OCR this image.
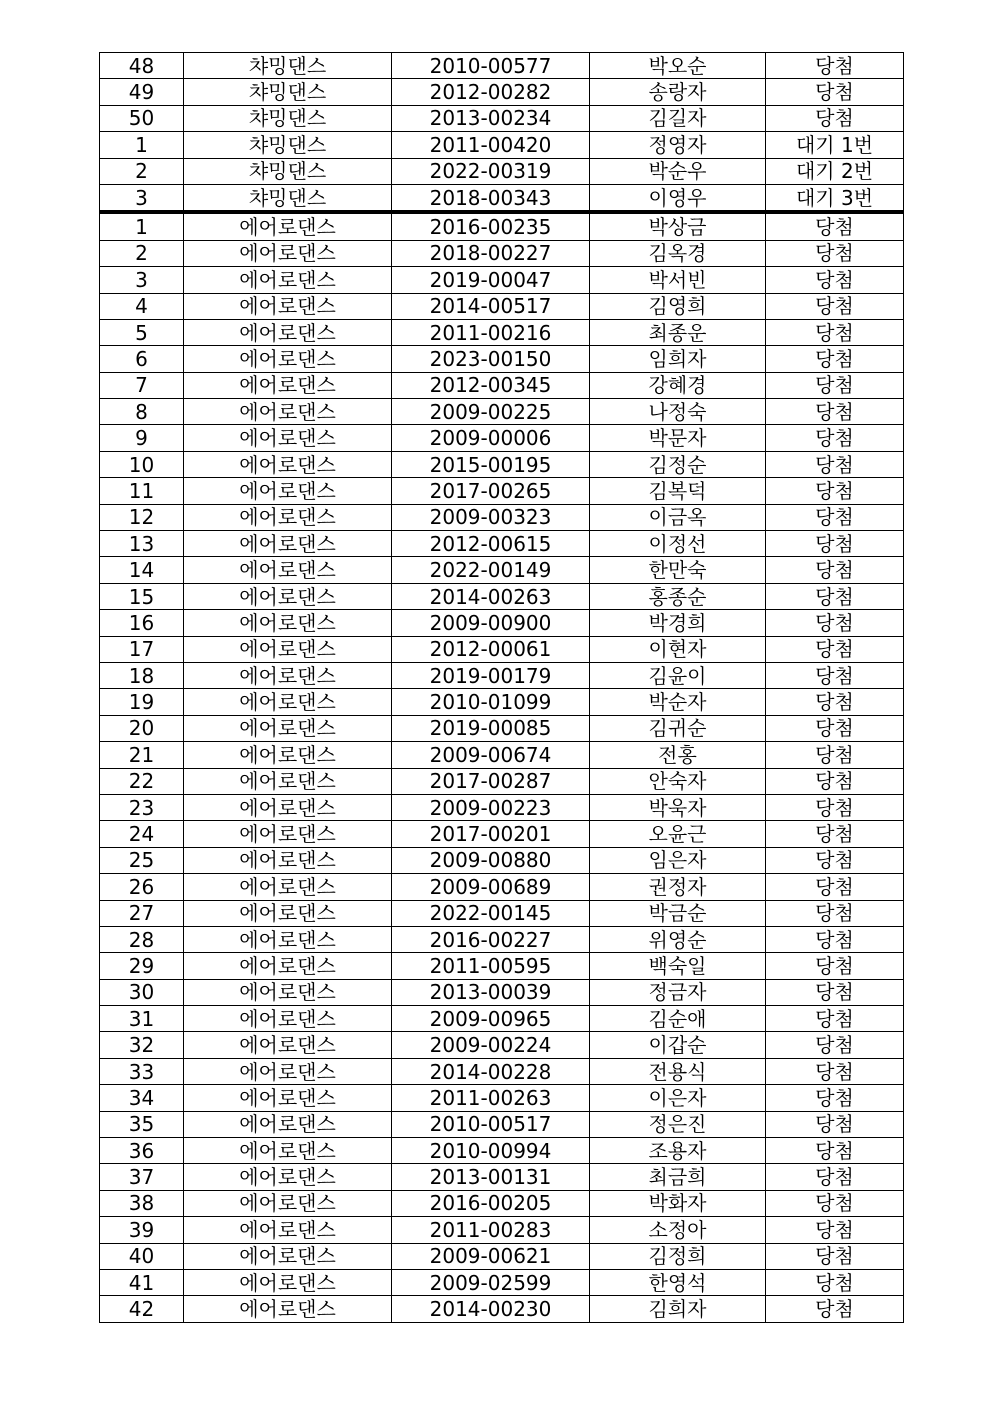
48	챠밍댄스	2010-00577	박오순	당첨
49	챠밍댄스	2012-00282	송랑자	당첨
50	챠밍댄스	2013-00234	김길자	당첨
1	챠밍댄스	2011-00420	정영자	대기 1번
2	챠밍댄스	2022-00319	박순우	대기 2번
3	챠밍댄스	2018-00343	이영우	대기 3번
1	에어로댄스	2016-00235	박상금	당첨
2	에어로댄스	2018-00227	김옥경	당첨
3	에어로댄스	2019-00047	박서빈	당첨
4	에어로댄스	2014-00517	김영희	당첨
5	에어로댄스	2011-00216	최종운	당첨
6	에어로댄스	2023-00150	임희자	당첨
7	에어로댄스	2012-00345	강혜경	당첨
8	에어로댄스	2009-00225	나정숙	당첨
9	에어로댄스	2009-00006	박문자	당첨
10	에어로댄스	2015-00195	김정순	당첨
11	에어로댄스	2017-00265	김복덕	당첨
12	에어로댄스	2009-00323	이금옥	당첨
13	에어로댄스	2012-00615	이정선	당첨
14	에어로댄스	2022-00149	한만숙	당첨
15	에어로댄스	2014-00263	홍종순	당첨
16	에어로댄스	2009-00900	박경희	당첨
17	에어로댄스	2012-00061	이현자	당첨
18	에어로댄스	2019-00179	김윤이	당첨
19	에어로댄스	2010-01099	박순자	당첨
20	에어로댄스	2019-00085	김귀순	당첨
21	에어로댄스	2009-00674	전홍	당첨
22	에어로댄스	2017-00287	안숙자	당첨
23	에어로댄스	2009-00223	박욱자	당첨
24	에어로댄스	2017-00201	오윤근	당첨
25	에어로댄스	2009-00880	임은자	당첨
26	에어로댄스	2009-00689	권정자	당첨
27	에어로댄스	2022-00145	박금순	당첨
28	에어로댄스	2016-00227	위영순	당첨
29	에어로댄스	2011-00595	백숙일	당첨
30	에어로댄스	2013-00039	정금자	당첨
31	에어로댄스	2009-00965	김순애	당첨
32	에어로댄스	2009-00224	이갑순	당첨
33	에어로댄스	2014-00228	전용식	당첨
34	에어로댄스	2011-00263	이은자	당첨
35	에어로댄스	2010-00517	정은진	당첨
36	에어로댄스	2010-00994	조용자	당첨
37	에어로댄스	2013-00131	최금희	당첨
38	에어로댄스	2016-00205	박화자	당첨
39	에어로댄스	2011-00283	소정아	당첨
40	에어로댄스	2009-00621	김정희	당첨
41	에어로댄스	2009-02599	한영석	당첨
42	에어로댄스	2014-00230	김희자	당첨
